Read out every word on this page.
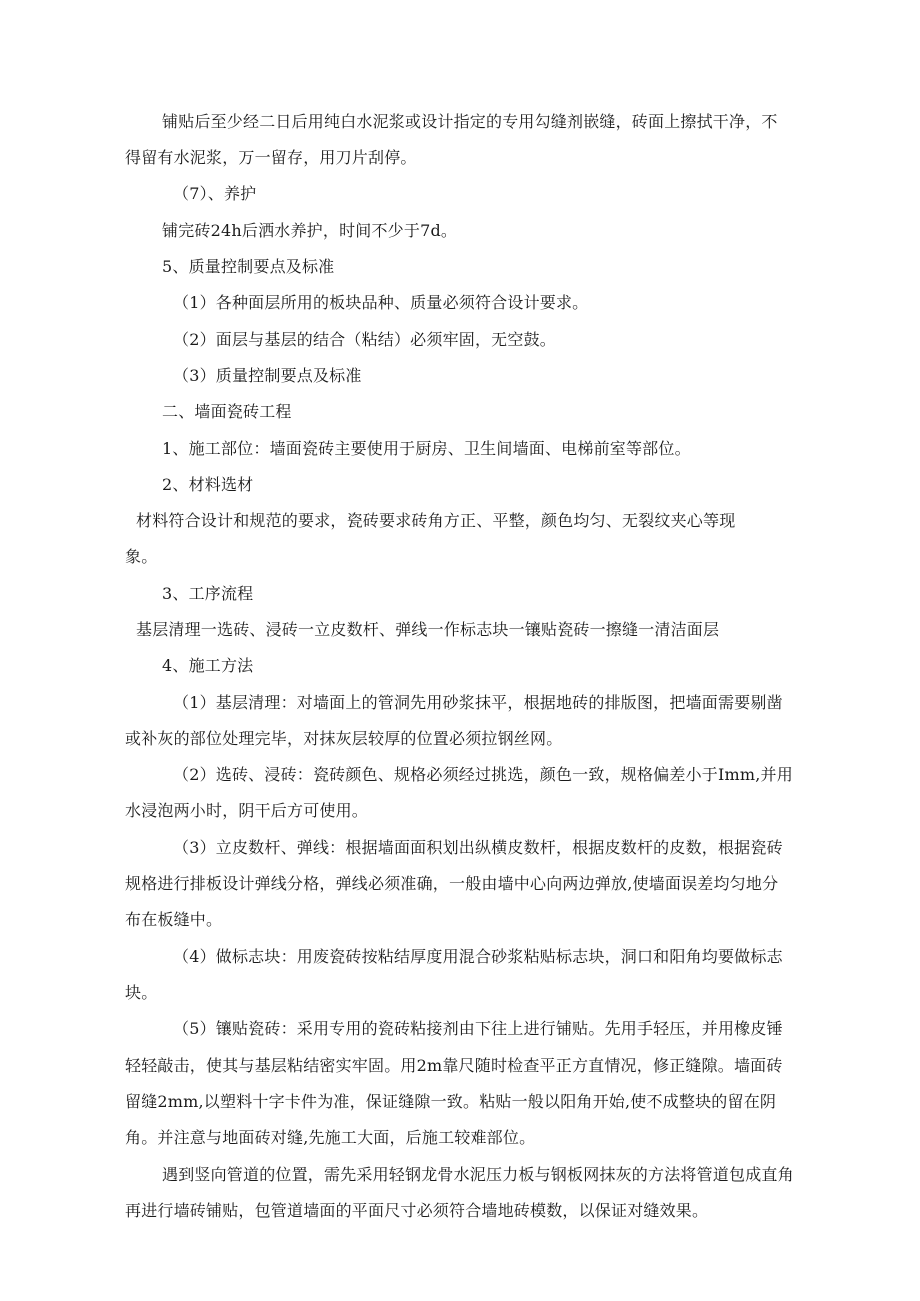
铺贴后至少经二日后用纯白水泥浆或设计指定的专用勾缝剂嵌缝，砖面上擦拭干净，不

得留有水泥浆，万一留存，用刀片刮停。

（7）、养护

铺完砖24h后洒水养护，时间不少于7d。

5、质量控制要点及标准

（1）各种面层所用的板块品种、质量必须符合设计要求。

（2）面层与基层的结合（粘结）必须牢固，无空鼓。

（3）质量控制要点及标准

二、墙面瓷砖工程

1、施工部位：墙面瓷砖主要使用于厨房、卫生间墙面、电梯前室等部位。

2、材料选材

材料符合设计和规范的要求，瓷砖要求砖角方正、平整，颜色均匀、无裂纹夹心等现

象。

3、工序流程

基层清理一选砖、浸砖一立皮数杆、弹线一作标志块一镶贴瓷砖一擦缝一清洁面层

4、施工方法

（1）基层清理：对墙面上的管洞先用砂浆抹平，根据地砖的排版图，把墙面需要剔凿

或补灰的部位处理完毕，对抹灰层较厚的位置必须拉钢丝网。

（2）选砖、浸砖：瓷砖颜色、规格必须经过挑选，颜色一致，规格偏差小于Imm,并用

水浸泡两小时，阴干后方可使用。

（3）立皮数杆、弹线：根据墙面面积划出纵横皮数杆，根据皮数杆的皮数，根据瓷砖

规格进行排板设计弹线分格，弹线必须准确，一般由墙中心向两边弹放,使墙面误差均匀地分

布在板缝中。

（4）做标志块：用废瓷砖按粘结厚度用混合砂浆粘贴标志块，洞口和阳角均要做标志

块。

（5）镶贴瓷砖：采用专用的瓷砖粘接剂由下往上进行铺贴。先用手轻压，并用橡皮锤

轻轻敲击，使其与基层粘结密实牢固。用2m靠尺随时检查平正方直情况，修正缝隙。墙面砖

留缝2mm,以塑料十字卡件为准，保证缝隙一致。粘贴一般以阳角开始,使不成整块的留在阴

角。并注意与地面砖对缝,先施工大面，后施工较难部位。

遇到竖向管道的位置，需先采用轻钢龙骨水泥压力板与钢板网抹灰的方法将管道包成直角

再进行墙砖铺贴，包管道墙面的平面尺寸必须符合墙地砖模数，以保证对缝效果。
